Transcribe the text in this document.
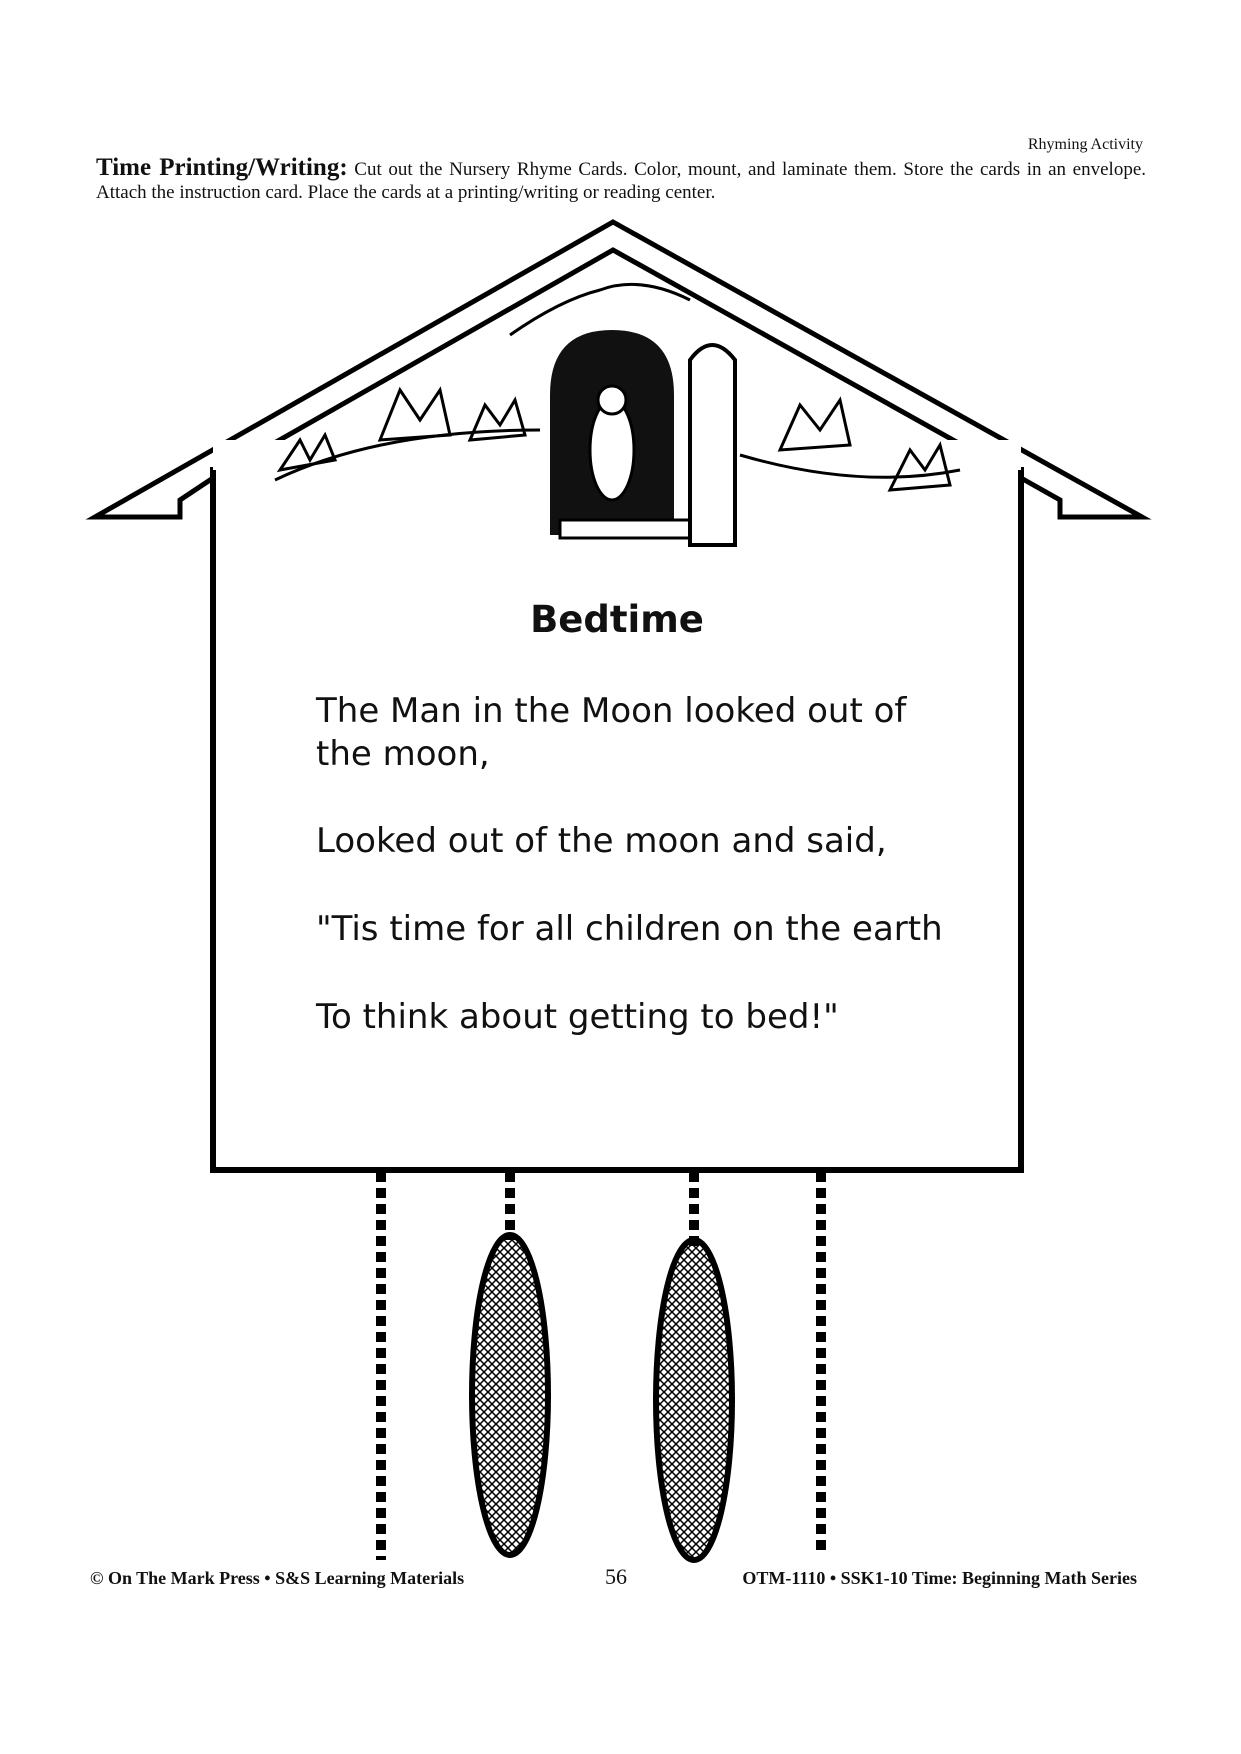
Rhyming Activity
Time Printing/Writing: Cut out the Nursery Rhyme Cards. Color, mount, and laminate them. Store the cards in an envelope. Attach the instruction card. Place the cards at a printing/writing or reading center.
Bedtime
The Man in the Moon looked out of the moon,
Looked out of the moon and said,
"Tis time for all children on the earth
To think about getting to bed!"
© On The Mark Press • S&S Learning Materials	56	OTM-1110 • SSK1-10 Time: Beginning Math Series
